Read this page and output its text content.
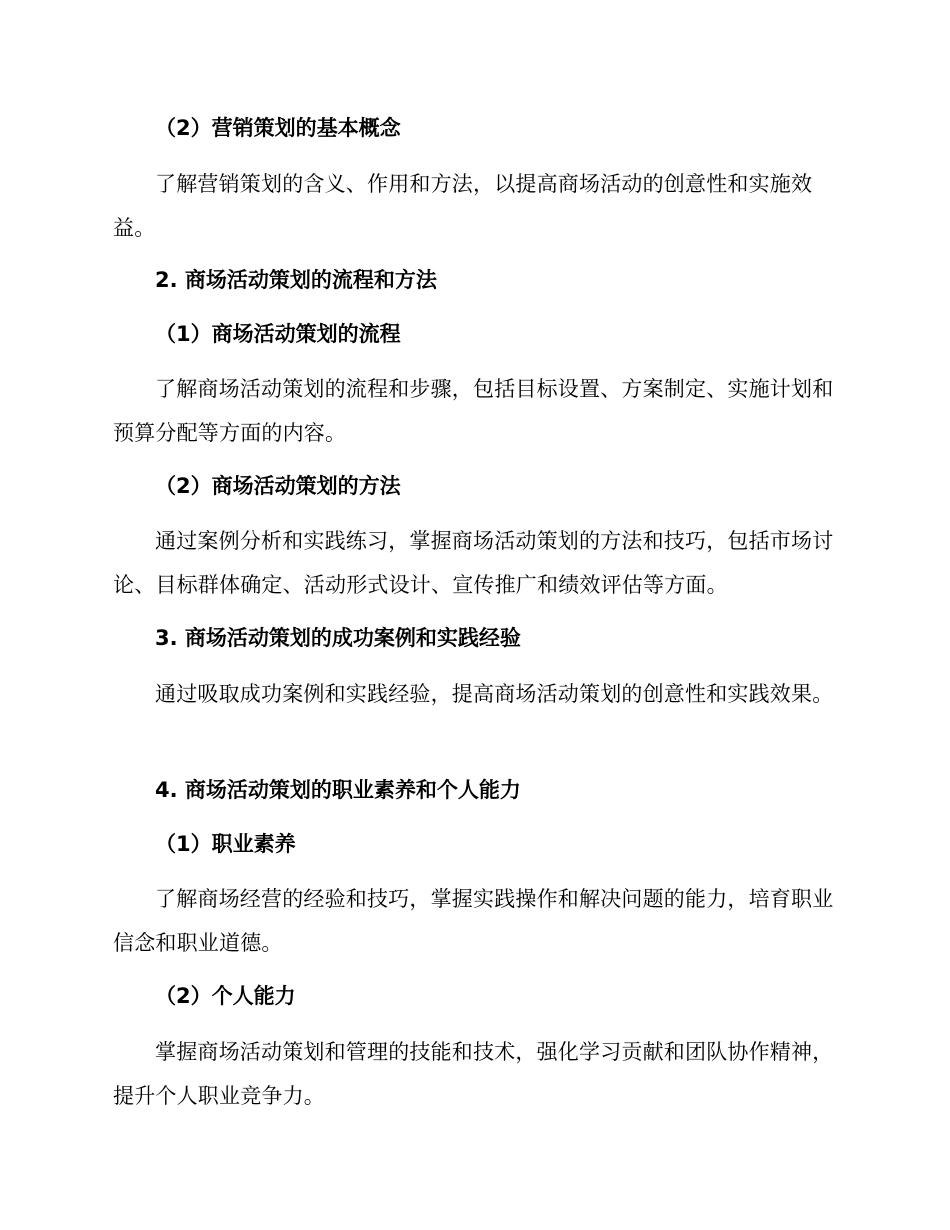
（2）营销策划的基本概念
了解营销策划的含义、作用和方法，以提高商场活动的创意性和实施效益。
2. 商场活动策划的流程和方法
（1）商场活动策划的流程
了解商场活动策划的流程和步骤，包括目标设置、方案制定、实施计划和预算分配等方面的内容。
（2）商场活动策划的方法
通过案例分析和实践练习，掌握商场活动策划的方法和技巧，包括市场讨论、目标群体确定、活动形式设计、宣传推广和绩效评估等方面。
3. 商场活动策划的成功案例和实践经验
通过吸取成功案例和实践经验，提高商场活动策划的创意性和实践效果。
4. 商场活动策划的职业素养和个人能力
（1）职业素养
了解商场经营的经验和技巧，掌握实践操作和解决问题的能力，培育职业信念和职业道德。
（2）个人能力
掌握商场活动策划和管理的技能和技术，强化学习贡献和团队协作精神，提升个人职业竞争力。
